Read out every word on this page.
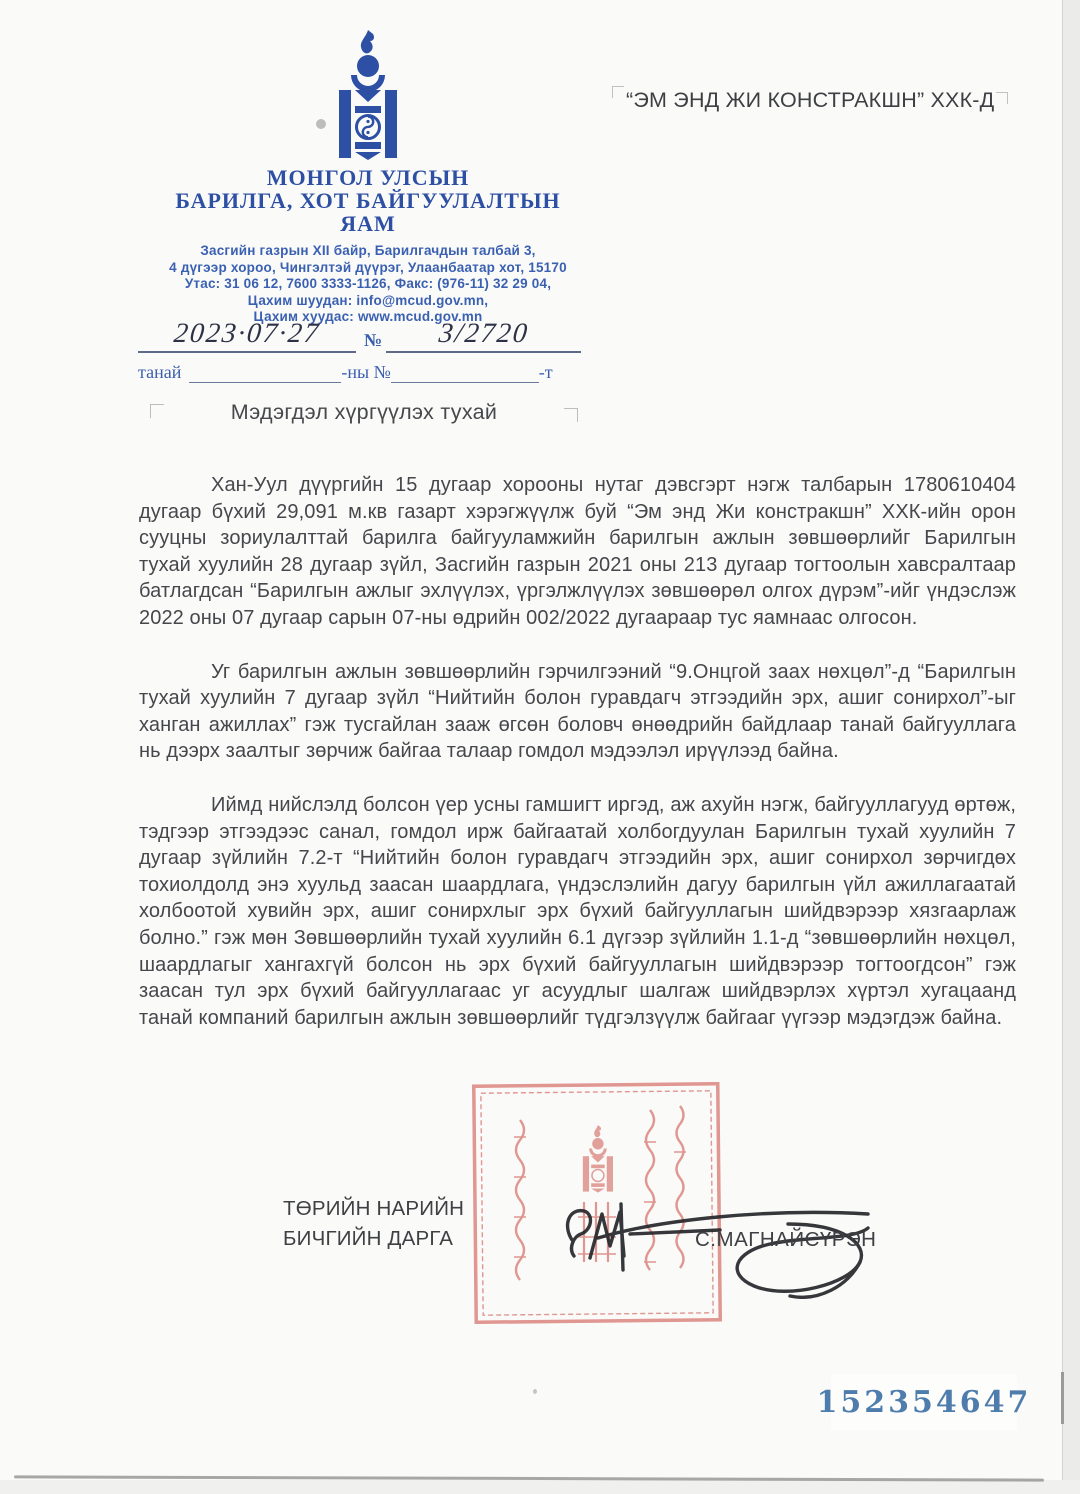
МОНГОЛ УЛСЫН
БАРИЛГА, ХОТ БАЙГУУЛАЛТЫН
ЯАМ
Засгийн газрын XII байр, Барилгачдын талбай 3,
4 дүгээр хороо, Чингэлтэй дүүрэг, Улаанбаатар хот, 15170
Утас: 31 06 12, 7600 3333-1126, Факс: (976-11) 32 29 04,
Цахим шуудан: info@mcud.gov.mn,
Цахим хуудас: www.mcud.gov.mn
“ЭМ ЭНД ЖИ КОНСТРАКШН” ХХК-Д
2023·07·27	№	3/2720
танай	-ны №	-т
Мэдэгдэл хүргүүлэх тухай

Хан-Уул дүүргийн 15 дугаар хорооны нутаг дэвсгэрт нэгж талбарын 1780610404 дугаар бүхий 29,091 м.кв газарт хэрэгжүүлж буй “Эм энд Жи констракшн” ХХК-ийн орон сууцны зориулалттай барилга байгууламжийн барилгын ажлын зөвшөөрлийг Барилгын тухай хуулийн 28 дугаар зүйл, Засгийн газрын 2021 оны 213 дугаар тогтоолын хавсралтаар батлагдсан “Барилгын ажлыг эхлүүлэх, үргэлжлүүлэх зөвшөөрөл олгох дүрэм”-ийг үндэслэж 2022 оны 07 дугаар сарын 07-ны өдрийн 002/2022 дугаараар тус яамнаас олгосон.

Уг барилгын ажлын зөвшөөрлийн гэрчилгээний “9.Онцгой заах нөхцөл”-д “Барилгын тухай хуулийн 7 дугаар зүйл “Нийтийн болон гуравдагч этгээдийн эрх, ашиг сонирхол”-ыг ханган ажиллах” гэж тусгайлан зааж өгсөн боловч өнөөдрийн байдлаар танай байгууллага нь дээрх заалтыг зөрчиж байгаа талаар гомдол мэдээлэл ирүүлээд байна.

Иймд нийслэлд болсон үер усны гамшигт иргэд, аж ахуйн нэгж, байгууллагууд өртөж, тэдгээр этгээдээс санал, гомдол ирж байгаатай холбогдуулан Барилгын тухай хуулийн 7 дугаар зүйлийн 7.2-т “Нийтийн болон гуравдагч этгээдийн эрх, ашиг сонирхол зөрчигдөх тохиолдолд энэ хуульд заасан шаардлага, үндэслэлийн дагуу барилгын үйл ажиллагаатай холбоотой хувийн эрх, ашиг сонирхлыг эрх бүхий байгууллагын шийдвэрээр хязгаарлаж болно.” гэж мөн Зөвшөөрлийн тухай хуулийн 6.1 дүгээр зүйлийн 1.1-д “зөвшөөрлийн нөхцөл, шаардлагыг хангахгүй болсон нь эрх бүхий байгууллагын шийдвэрээр тогтоогдсон” гэж заасан тул эрх бүхий байгууллагаас уг асуудлыг шалгаж шийдвэрлэх хүртэл хугацаанд танай компаний барилгын ажлын зөвшөөрлийг түдгэлзүүлж байгааг үүгээр мэдэгдэж байна.

ТӨРИЙН НАРИЙН
БИЧГИЙН ДАРГА	С.МАГНАЙСҮРЭН
152354647
